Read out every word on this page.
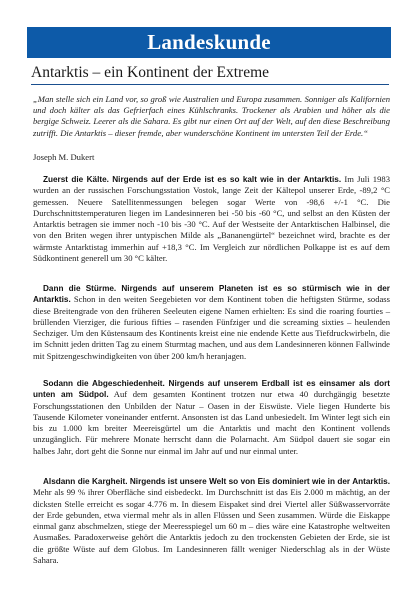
Landeskunde
Antarktis – ein Kontinent der Extreme
„Man stelle sich ein Land vor, so groß wie Australien und Europa zusammen. Sonniger als Kalifornien und doch kälter als das Gefrierfach eines Kühlschranks. Trockener als Arabien und höher als die bergige Schweiz. Leerer als die Sahara. Es gibt nur einen Ort auf der Welt, auf den diese Beschreibung zutrifft. Die Antarktis – dieser fremde, aber wunderschöne Kontinent im untersten Teil der Erde.“
Joseph M. Dukert
Zuerst die Kälte. Nirgends auf der Erde ist es so kalt wie in der Antarktis. Im Juli 1983 wurden an der russischen Forschungsstation Vostok, lange Zeit der Kältepol unserer Erde, -89,2 °C gemessen. Neuere Satellitenmessungen belegen sogar Werte von -98,6 +/-1 °C. Die Durchschnittstemperaturen liegen im Landesinneren bei -50 bis -60 °C, und selbst an den Küsten der Antarktis betragen sie immer noch -10 bis -30 °C. Auf der Westseite der Antarktischen Halbinsel, die von den Briten wegen ihrer untypischen Milde als „Bananengürtel“ bezeichnet wird, brachte es der wärmste Antarktistag immerhin auf +18,3 °C. Im Vergleich zur nördlichen Polkappe ist es auf dem Südkontinent generell um 30 °C kälter.
Dann die Stürme. Nirgends auf unserem Planeten ist es so stürmisch wie in der Antarktis. Schon in den weiten Seegebieten vor dem Kontinent toben die heftigsten Stürme, sodass diese Breitengrade von den früheren Seeleuten eigene Namen erhielten: Es sind die roaring fourties – brüllenden Vierziger, die furious fifties – rasenden Fünfziger und die screaming sixties – heulenden Sechziger. Um den Küstensaum des Kontinents kreist eine nie endende Kette aus Tiefdruckwirbeln, die im Schnitt jeden dritten Tag zu einem Sturmtag machen, und aus dem Landesinneren können Fallwinde mit Spitzengeschwindigkeiten von über 200 km/h heranjagen.
Sodann die Abgeschiedenheit. Nirgends auf unserem Erdball ist es einsamer als dort unten am Südpol. Auf dem gesamten Kontinent trotzen nur etwa 40 durchgängig besetzte Forschungsstationen den Unbilden der Natur – Oasen in der Eiswüste. Viele liegen Hunderte bis Tausende Kilometer voneinander entfernt. Ansonsten ist das Land unbesiedelt. Im Winter legt sich ein bis zu 1.000 km breiter Meereisgürtel um die Antarktis und macht den Kontinent vollends unzugänglich. Für mehrere Monate herrscht dann die Polarnacht. Am Südpol dauert sie sogar ein halbes Jahr, dort geht die Sonne nur einmal im Jahr auf und nur einmal unter.
Alsdann die Kargheit. Nirgends ist unsere Welt so von Eis dominiert wie in der Antarktis. Mehr als 99 % ihrer Oberfläche sind eisbedeckt. Im Durchschnitt ist das Eis 2.000 m mächtig, an der dicksten Stelle erreicht es sogar 4.776 m. In diesem Eispaket sind drei Viertel aller Süßwasservorräte der Erde gebunden, etwa viermal mehr als in allen Flüssen und Seen zusammen. Würde die Eiskappe einmal ganz abschmelzen, stiege der Meeresspiegel um 60 m – dies wäre eine Katastrophe weltweiten Ausmaßes. Paradoxerweise gehört die Antarktis jedoch zu den trockensten Gebieten der Erde, sie ist die größte Wüste auf dem Globus. Im Landesinneren fällt weniger Niederschlag als in der Wüste Sahara.
